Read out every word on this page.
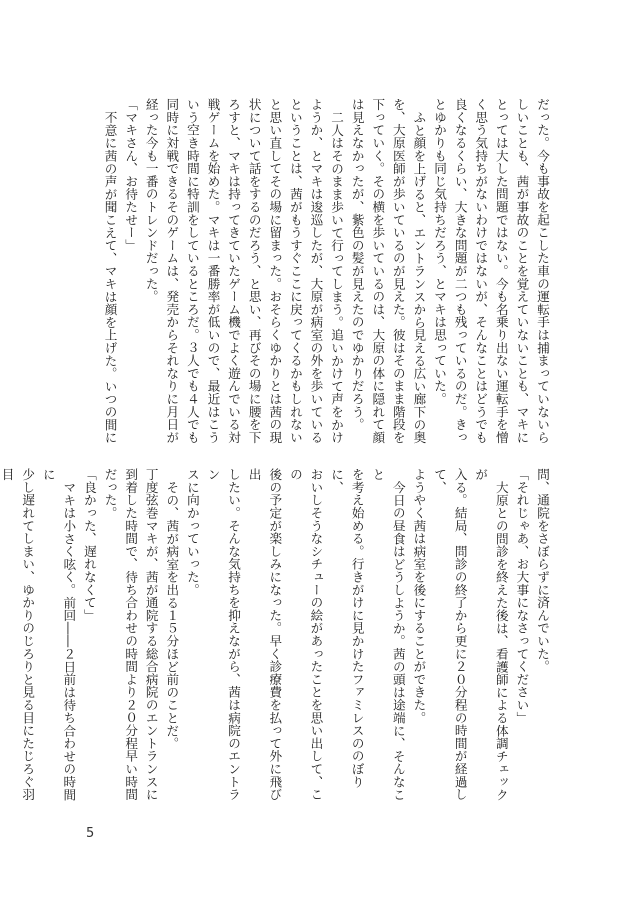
だった。今も事故を起こした車の運転手は捕まっていないらしいことも、茜が事故のことを覚えていないことも、マキにとっては大した問題ではない。今も名乗り出ない運転手を憎く思う気持ちがないわけではないが、そんなことはどうでも良くなるくらい、大きな問題が二つも残っているのだ。きっとゆかりも同じ気持ちだろう、とマキは思っていた。

ふと顔を上げると、エントランスから見える広い廊下の奥を、大原医師が歩いているのが見えた。彼はそのまま階段を下っていく。その横を歩いているのは、大原の体に隠れて顔は見えなかったが、紫色の髪が見えたのでゆかりだろう。

二人はそのまま歩いて行ってしまう。追いかけて声をかけようか、とマキは逡巡したが、大原が病室の外を歩いているということは、茜がもうすぐここに戻ってくるかもしれないと思い直してその場に留まった。おそらくゆかりとは茜の現状について話をするのだろう、と思い、再びその場に腰を下ろすと、マキは持ってきていたゲーム機でよく遊んでいる対戦ゲームを始めた。マキは一番勝率が低いので、最近はこういう空き時間に特訓をしているところだ。３人でも４人でも同時に対戦できるそのゲームは、発売からそれなりに月日が経った今も一番のトレンドだった。

「マキさん、お待たせー」

不意に茜の声が聞こえて、マキは顔を上げた。いつの間に

問、通院をさぼらずに済んでいた。

「それじゃあ、お大事になさってください」

大原との問診を終えた後は、看護師による体調チェックが

入る。結局、問診の終了から更に２０分程の時間が経過して、

ようやく茜は病室を後にすることができた。

今日の昼食はどうしようか。茜の頭は途端に、そんなこと

を考え始める。行きがけに見かけたファミレスののぼりに、

おいしそうなシチューの絵があったことを思い出して、この

後の予定が楽しみになった。早く診療費を払って外に飛び出

したい。そんな気持ちを抑えながら、茜は病院のエントラン

スに向かっていった。

その、茜が病室を出る１５分ほど前のことだ。

丁度弦巻マキが、茜が通院する総合病院のエントランスに

到着した時間で、待ち合わせの時間より２０分程早い時間

だった。

「良かった、遅れなくて」

マキは小さく呟く。前回――２日前は待ち合わせの時間に

少し遅れてしまい、ゆかりのじろりと見る目にたじろぐ羽目

5
